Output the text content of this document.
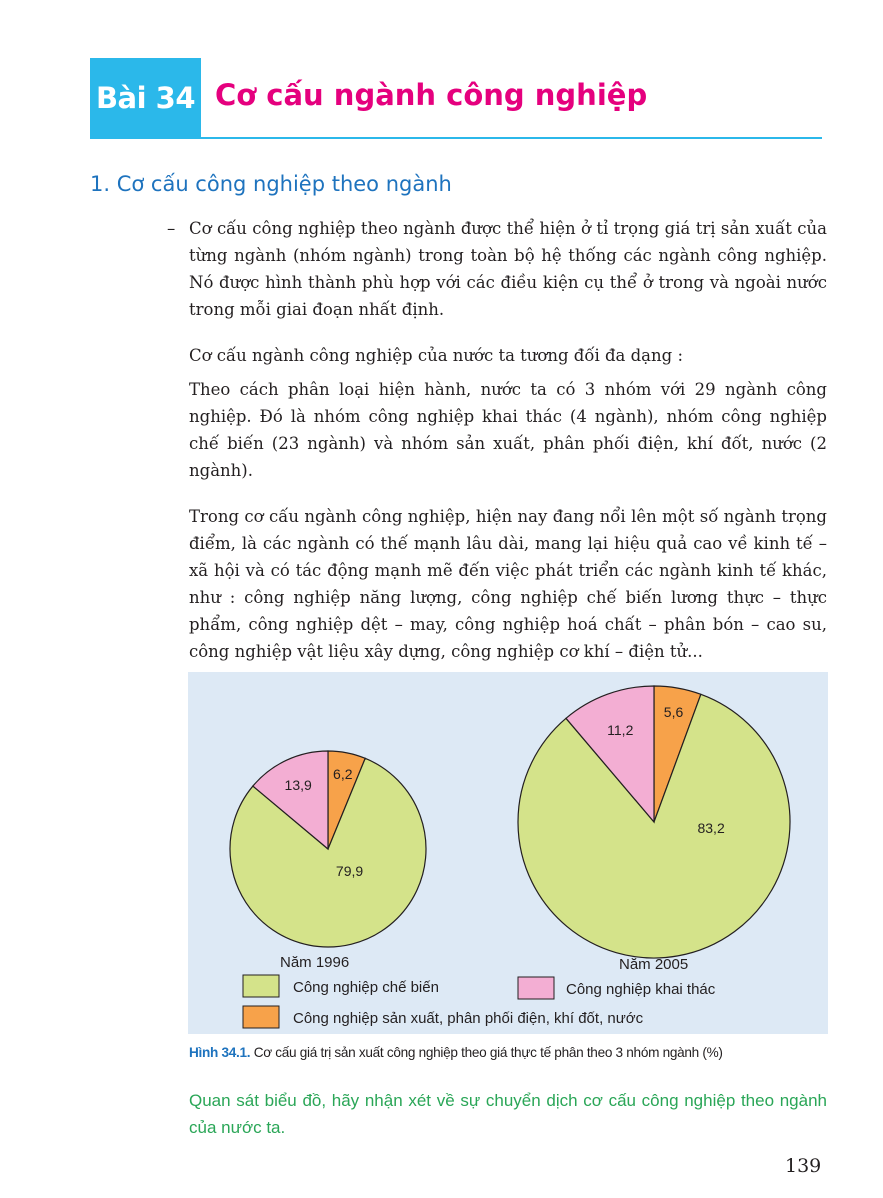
Bài 34 Cơ cấu ngành công nghiệp
1. Cơ cấu công nghiệp theo ngành
– Cơ cấu công nghiệp theo ngành được thể hiện ở tỉ trọng giá trị sản xuất của từng ngành (nhóm ngành) trong toàn bộ hệ thống các ngành công nghiệp. Nó được hình thành phù hợp với các điều kiện cụ thể ở trong và ngoài nước trong mỗi giai đoạn nhất định.

Cơ cấu ngành công nghiệp của nước ta tương đối đa dạng :

Theo cách phân loại hiện hành, nước ta có 3 nhóm với 29 ngành công nghiệp. Đó là nhóm công nghiệp khai thác (4 ngành), nhóm công nghiệp chế biến (23 ngành) và nhóm sản xuất, phân phối điện, khí đốt, nước (2 ngành).

Trong cơ cấu ngành công nghiệp, hiện nay đang nổi lên một số ngành trọng điểm, là các ngành có thế mạnh lâu dài, mang lại hiệu quả cao về kinh tế – xã hội và có tác động mạnh mẽ đến việc phát triển các ngành kinh tế khác, như : công nghiệp năng lượng, công nghiệp chế biến lương thực – thực phẩm, công nghiệp dệt – may, công nghiệp hoá chất – phân bón – cao su, công nghiệp vật liệu xây dựng, công nghiệp cơ khí – điện tử...

6,2
79,9
13,9
5,6
83,2
11,2
Năm 1996	Năm 2005
Công nghiệp chế biến	Công nghiệp khai thác
Công nghiệp sản xuất, phân phối điện, khí đốt, nước
Hình 34.1. Cơ cấu giá trị sản xuất công nghiệp theo giá thực tế phân theo 3 nhóm ngành (%)

Quan sát biểu đồ, hãy nhận xét về sự chuyển dịch cơ cấu công nghiệp theo ngành của nước ta.

139
